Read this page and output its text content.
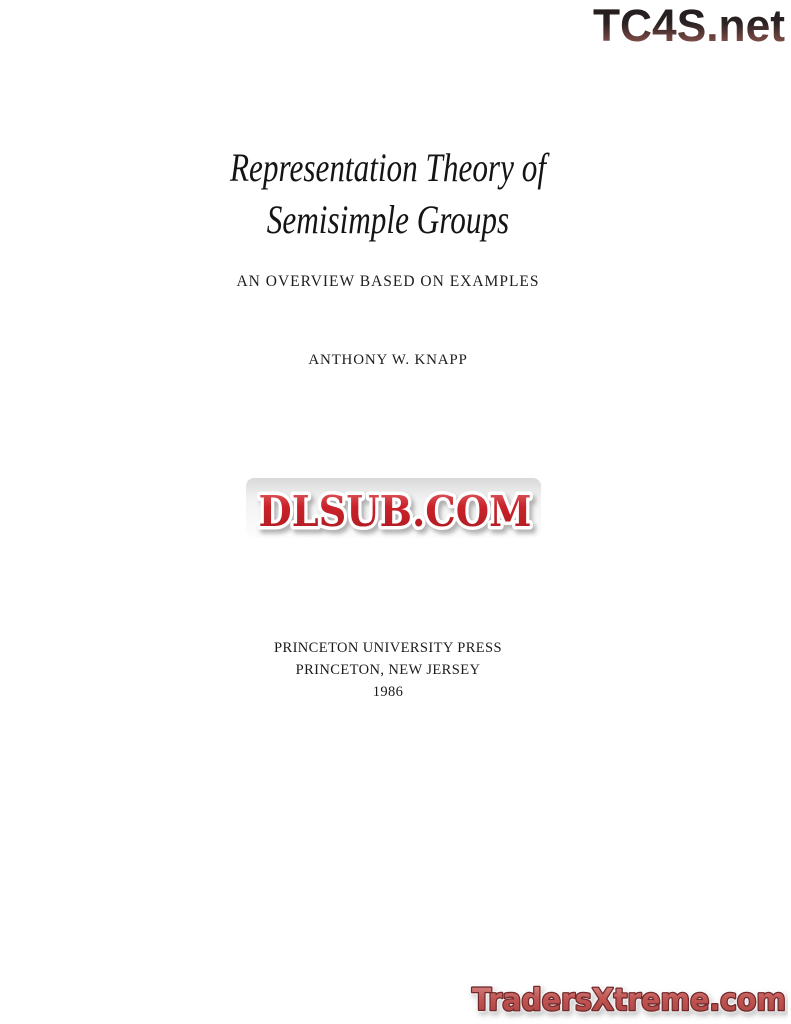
TC4S.net
Representation Theory of
Semisimple Groups
AN OVERVIEW BASED ON EXAMPLES
ANTHONY W. KNAPP
DLSUB.COM
PRINCETON UNIVERSITY PRESS
PRINCETON, NEW JERSEY
1986
TradersXtreme.com
